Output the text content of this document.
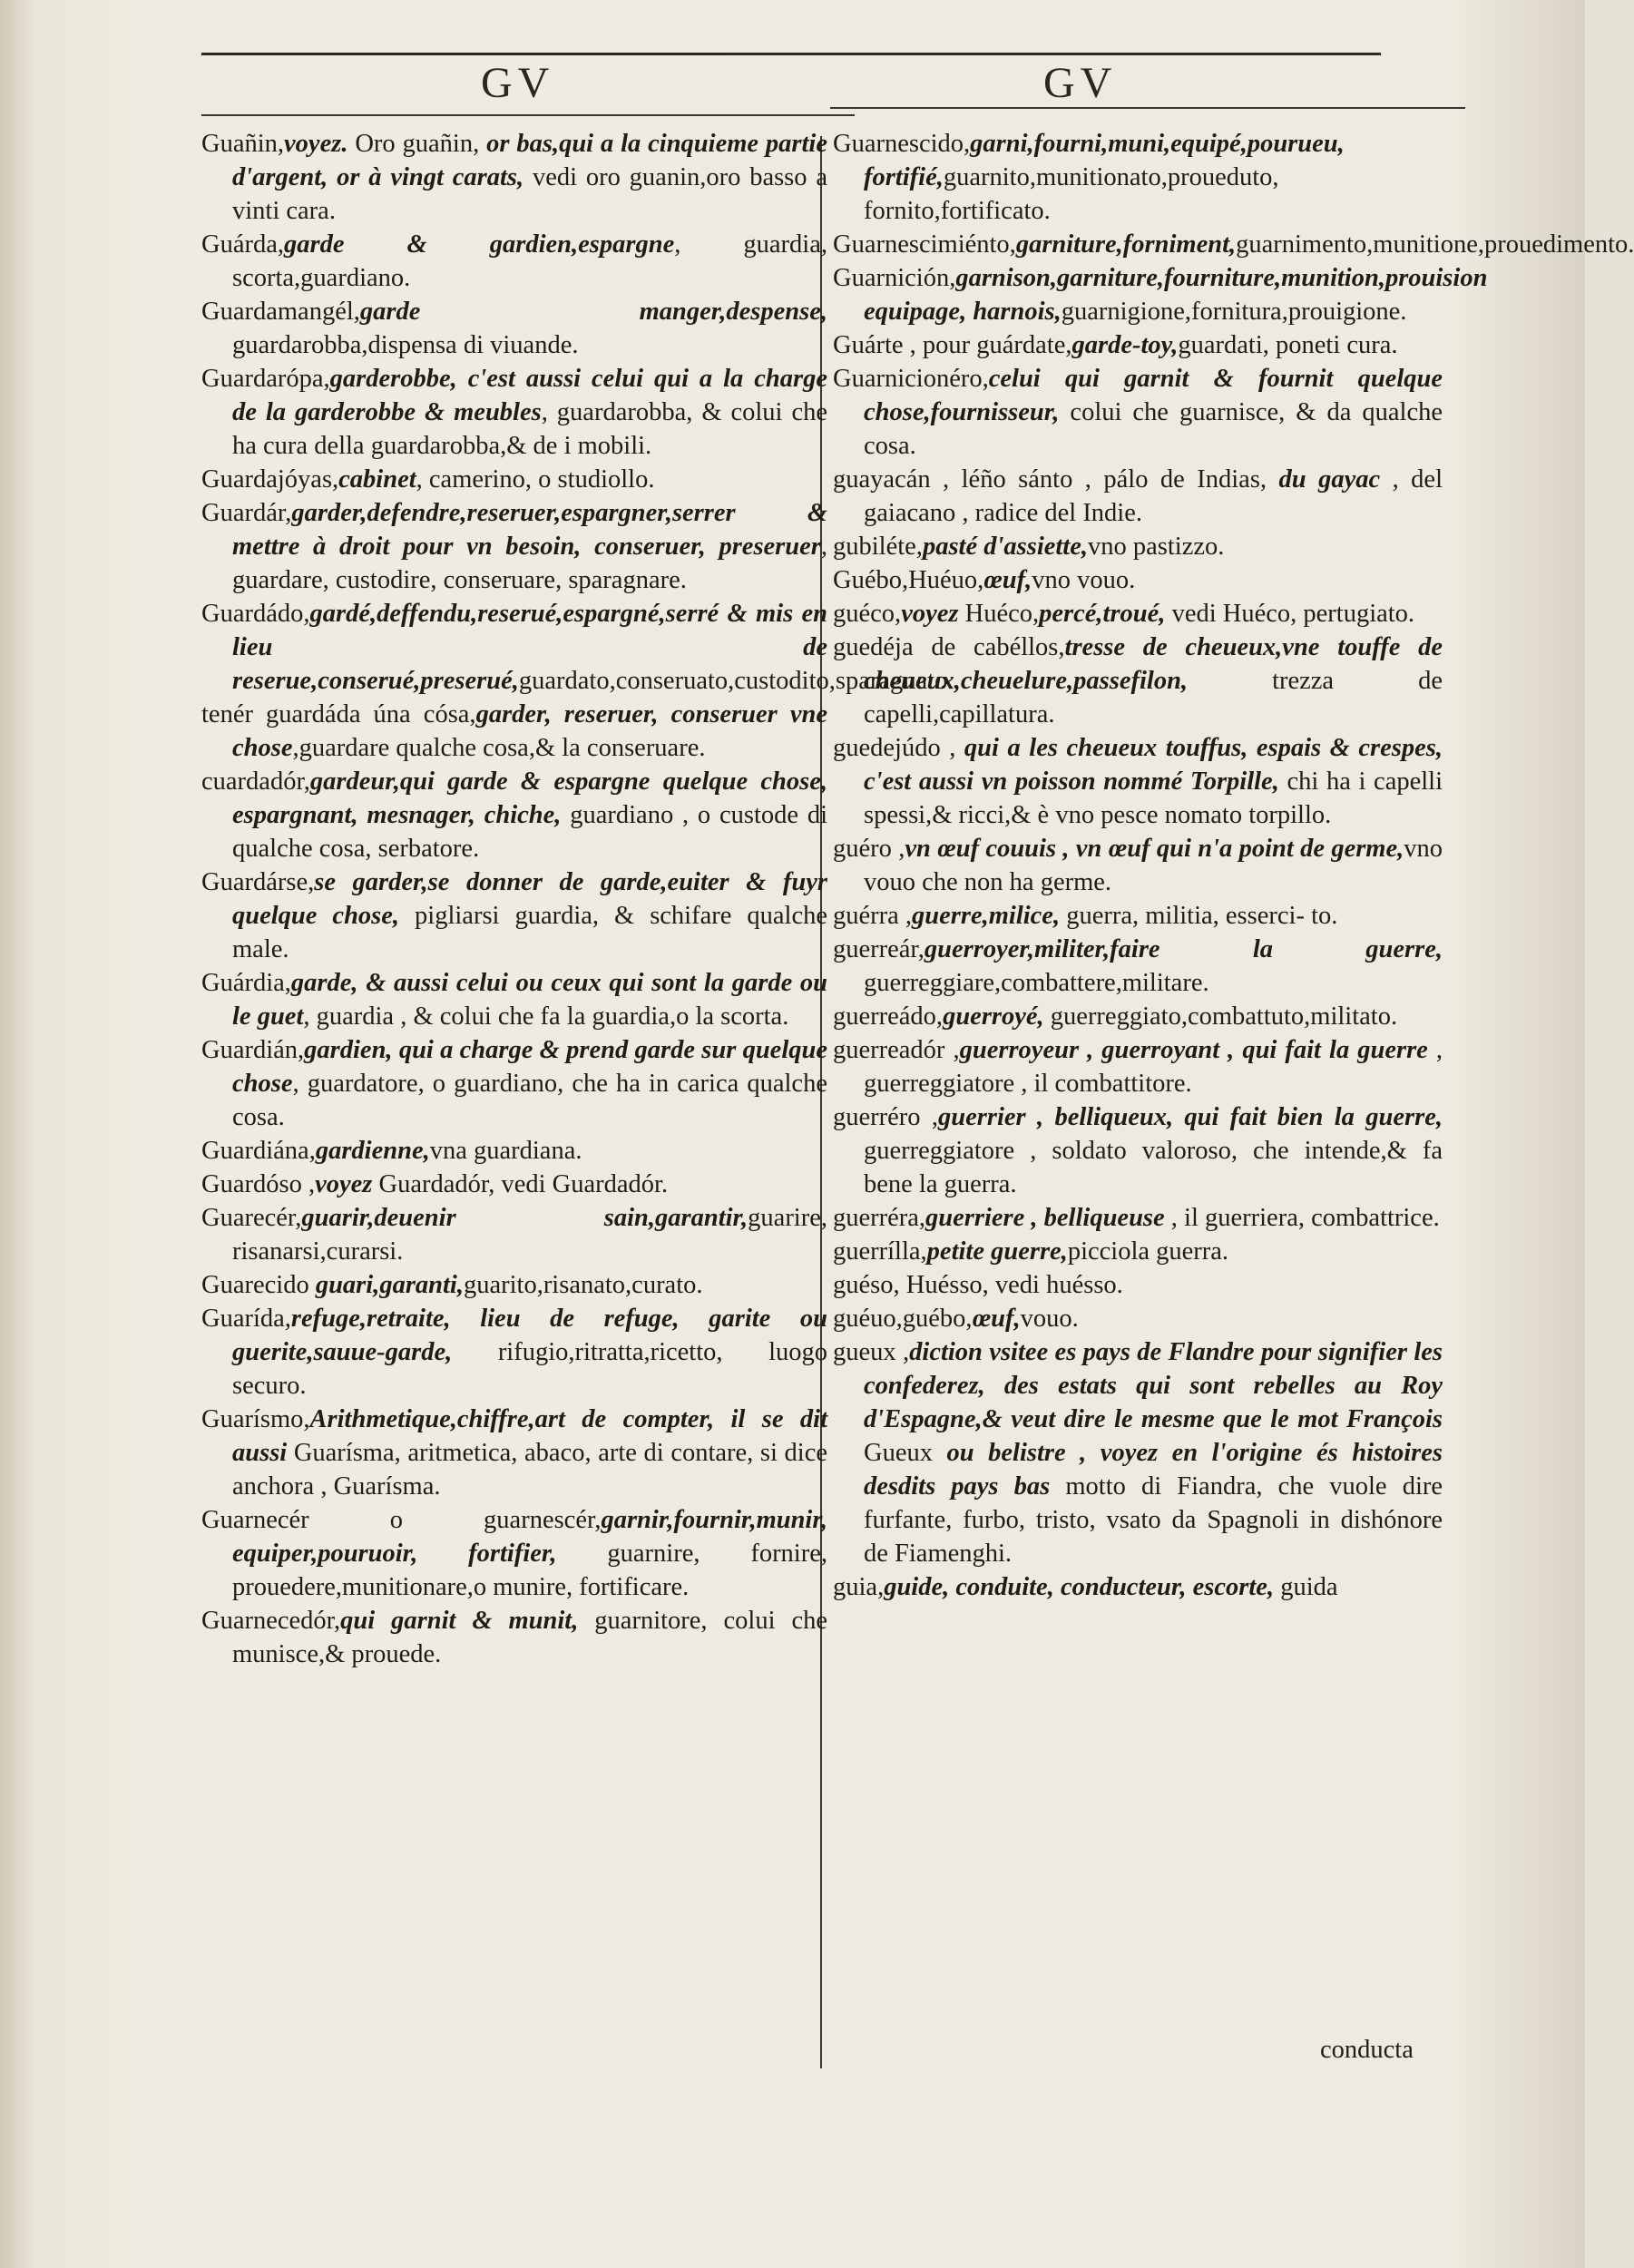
GV	GV
Guañin,voyez. Oro guañin, or bas,qui a la cinquieme partie d'argent, or à vingt carats, vedi oro guanin,oro basso a vinti cara.
Guárda,garde & gardien,espargne, guardia, scorta,guardiano.
Guardamangél,garde manger,despense, guardarobba,dispensa di viuande.
Guardarópa,garderobbe, c'est aussi celui qui a la charge de la garderobbe & meubles, guardarobba, & colui che ha cura della guardarobba,& de i mobili.
Guardajóyas,cabinet, camerino, o studiollo.
Guardár,garder,defendre,reseruer,espargner,serrer & mettre à droit pour vn besoin, conseruer, preseruer, guardare, custodire, conseruare, sparagnare.
Guardádo,gardé,deffendu,reserué,espargné,serré & mis en lieu de reserue,conserué,preserué,guardato,conseruato,custodito,sparagnato.
tenér guardáda úna cósa,garder, reseruer, conseruer vne chose,guardare qualche cosa,& la conseruare.
cuardadór,gardeur,qui garde & espargne quelque chose, espargnant, mesnager, chiche, guardiano , o custode di qualche cosa, serbatore.
Guardárse,se garder,se donner de garde,euiter & fuyr quelque chose, pigliarsi guardia, & schifare qualche male.
Guárdia,garde, & aussi celui ou ceux qui sont la garde ou le guet, guardia , & colui che fa la guardia,o la scorta.
Guardián,gardien, qui a charge & prend garde sur quelque chose, guardatore, o guardiano, che ha in carica qualche cosa.
Guardiána,gardienne,vna guardiana.
Guardóso ,voyez Guardadór, vedi Guardadór.
Guarecér,guarir,deuenir sain,garantir,guarire, risanarsi,curarsi.
Guarecido guari,garanti,guarito,risanato,curato.
Guarída,refuge,retraite, lieu de refuge, garite ou guerite,sauue-garde, rifugio,ritratta,ricetto, luogo securo.
Guarísmo,Arithmetique,chiffre,art de compter, il se dit aussi Guarísma, aritmetica, abaco, arte di contare, si dice anchora , Guarísma.
Guarnecér o guarnescér,garnir,fournir,munir, equiper,pouruoir, fortifier, guarnire, fornire, prouedere,munitionare,o munire, fortificare.
Guarnecedór,qui garnit & munit, guarnitore, colui che munisce,& prouede.
Guarnescido,garni,fourni,muni,equipé,pourueu, fortifié,guarnito,munitionato,proueduto, fornito,fortificato.
Guarnescimiénto,garniture,forniment,guarnimento,munitione,prouedimento.
Guarnición,garnison,garniture,fourniture,munition,prouision equipage, harnois,guarnigione,fornitura,prouigione.
Guárte , pour guárdate,garde-toy,guardati, poneti cura.
Guarnicionéro,celui qui garnit & fournit quelque chose,fournisseur, colui che guarnisce, & da qualche cosa.
guayacán , léño sánto , pálo de Indias, du gayac , del gaiacano , radice del Indie.
gubiléte,pasté d'assiette,vno pastizzo.
Guébo,Huéuo,œuf,vno vouo.
guéco,voyez Huéco,percé,troué, vedi Huéco, pertugiato.
guedéja de cabéllos,tresse de cheueux,vne touffe de cheueux,cheuelure,passefilon, trezza de capelli,capillatura.
guedejúdo , qui a les cheueux touffus, espais & crespes, c'est aussi vn poisson nommé Torpille, chi ha i capelli spessi,& ricci,& è vno pesce nomato torpillo.
guéro ,vn œuf couuis , vn œuf qui n'a point de germe,vno vouo che non ha germe.
guérra ,guerre,milice, guerra, militia, esserci- to.
guerreár,guerroyer,militer,faire la guerre, guerreggiare,combattere,militare.
guerreádo,guerroyé, guerreggiato,combattuto,militato.
guerreadór ,guerroyeur , guerroyant , qui fait la guerre , guerreggiatore , il combattitore.
guerréro ,guerrier , belliqueux, qui fait bien la guerre, guerreggiatore , soldato valoroso, che intende,& fa bene la guerra.
guerréra,guerriere , belliqueuse , il guerriera, combattrice.
guerrílla,petite guerre,picciola guerra.
guéso, Huésso, vedi huésso.
guéuo,guébo,œuf,vouo.
gueux ,diction vsitee es pays de Flandre pour signifier les confederez, des estats qui sont rebelles au Roy d'Espagne,& veut dire le mesme que le mot François Gueux ou belistre , voyez en l'origine és histoires desdits pays bas motto di Fiandra, che vuole dire furfante, furbo, tristo, vsato da Spagnoli in dishónore de Fiamenghi.
guia,guide, conduite, conducteur, escorte, guida
conducta
